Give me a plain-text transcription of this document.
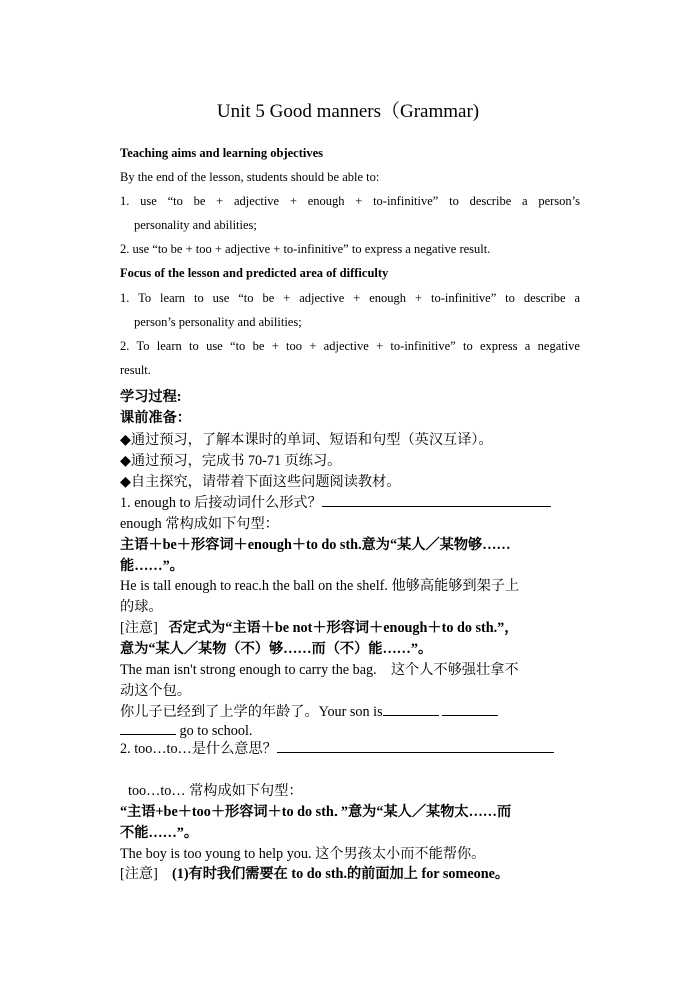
Unit 5 Good manners（Grammar)
Teaching aims and learning objectives
By the end of the lesson, students should be able to:
1. use “to be + adjective + enough + to-infinitive” to describe a person’s
personality and abilities;
2. use “to be + too + adjective + to-infinitive” to express a negative result.
Focus of the lesson and predicted area of difficulty
1. To learn to use “to be + adjective + enough + to-infinitive” to describe a
person’s personality and abilities;
2. To learn to use “to be + too + adjective + to-infinitive” to express a negative
result.
学习过程:
课前准备：
◆通过预习，了解本课时的单词、短语和句型（英汉互译）。
◆通过预习，完成书 70-71 页练习。
◆自主探究，请带着下面这些问题阅读教材。
1. enough to 后接动词什么形式？
enough 常构成如下句型：
主语＋be＋形容词＋enough＋to do sth.意为“某人／某物够……
能……”。
He is tall enough to reac.h the ball on the shelf. 他够高能够到架子上
的球。
[注意] 否定式为“主语＋be not＋形容词＋enough＋to do sth.”，
意为“某人／某物（不）够……而（不）能……”。
The man isn't strong enough to carry the bag.　这个人不够强壮拿不
动这个包。
你儿子已经到了上学的年龄了。Your son is
go to school.
2. too…to…是什么意思？
too…to… 常构成如下句型：
“主语+be＋too＋形容词＋to do sth．”意为“某人／某物太……而
不能……”。
The boy is too young to help you. 这个男孩太小而不能帮你。
[注意] (1)有时我们需要在 to do sth.的前面加上 for someone。
